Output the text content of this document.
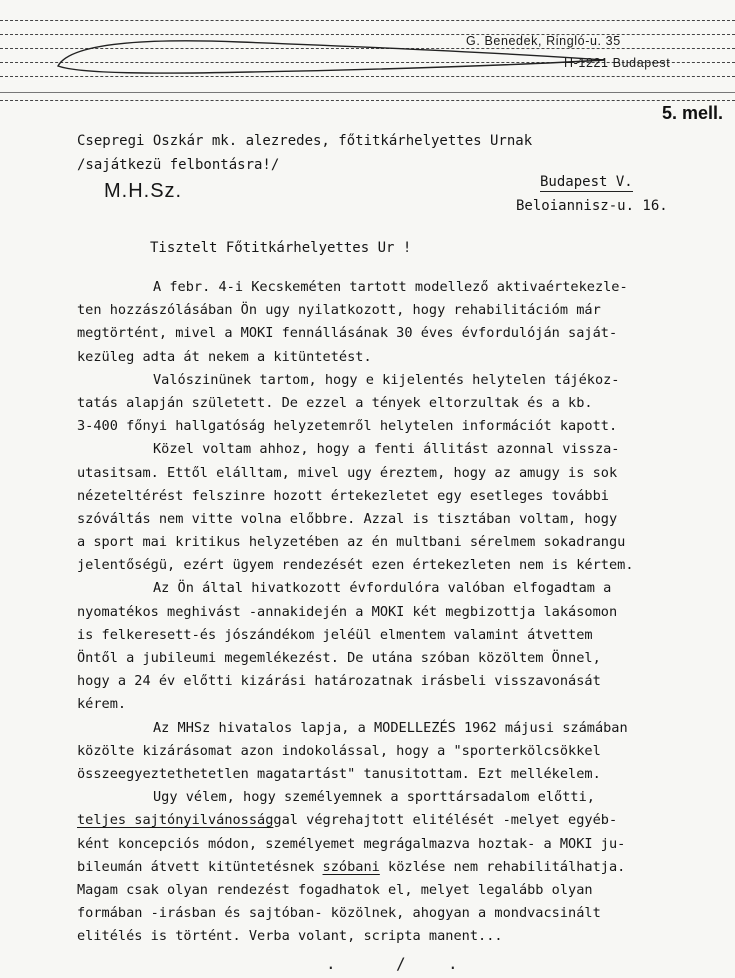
G. Benedek, Ringló-u. 35
H-1221 Budapest
5. mell.
Csepregi Oszkár mk. alezredes, főtitkárhelyettes Urnak
/sajátkezü felbontásra!/
M.H.Sz.	Budapest V.
Beloiannisz-u. 16.
Tisztelt Főtitkárhelyettes Ur !
A febr. 4-i Kecskeméten tartott modellező aktivaértekezle-
ten hozzászólásában Ön ugy nyilatkozott, hogy rehabilitációm már
megtörtént, mivel a MOKI fennállásának 30 éves évfordulóján saját-
kezüleg adta át nekem a kitüntetést.
Valószinünek tartom, hogy e kijelentés helytelen tájékoz-
tatás alapján született. De ezzel a tények eltorzultak és a kb.
3-400 főnyi hallgatóság helyzetemről helytelen információt kapott.
Közel voltam ahhoz, hogy a fenti állitást azonnal vissza-
utasitsam. Ettől elálltam, mivel ugy éreztem, hogy az amugy is sok
nézeteltérést felszinre hozott értekezletet egy esetleges további
szóváltás nem vitte volna előbbre. Azzal is tisztában voltam, hogy
a sport mai kritikus helyzetében az én multbani sérelmem sokadrangu
jelentőségü, ezért ügyem rendezését ezen értekezleten nem is kértem.
Az Ön által hivatkozott évfordulóra valóban elfogadtam a
nyomatékos meghivást -annakidején a MOKI két megbizottja lakásomon
is felkeresett-és jószándékom jeléül elmentem valamint átvettem
Öntől a jubileumi megemlékezést. De utána szóban közöltem Önnel,
hogy a 24 év előtti kizárási határozatnak irásbeli visszavonását
kérem.
Az MHSz hivatalos lapja, a MODELLEZÉS 1962 májusi számában
közölte kizárásomat azon indokolással, hogy a "sporterkölcsökkel
összeegyeztethetetlen magatartást" tanusitottam. Ezt mellékelem.
Ugy vélem, hogy személyemnek a sporttársadalom előtti,
teljes sajtónyilvánossággal végrehajtott elitélését -melyet egyéb-
ként koncepciós módon, személyemet megrágalmazva hoztak- a MOKI ju-
bileumán átvett kitüntetésnek szóbani közlése nem rehabilitálhatja.
Magam csak olyan rendezést fogadhatok el, melyet legalább olyan
formában -irásban és sajtóban- közölnek, ahogyan a mondvacsinált
elitélés is történt. Verba volant, scripta manent...
.	/	.
